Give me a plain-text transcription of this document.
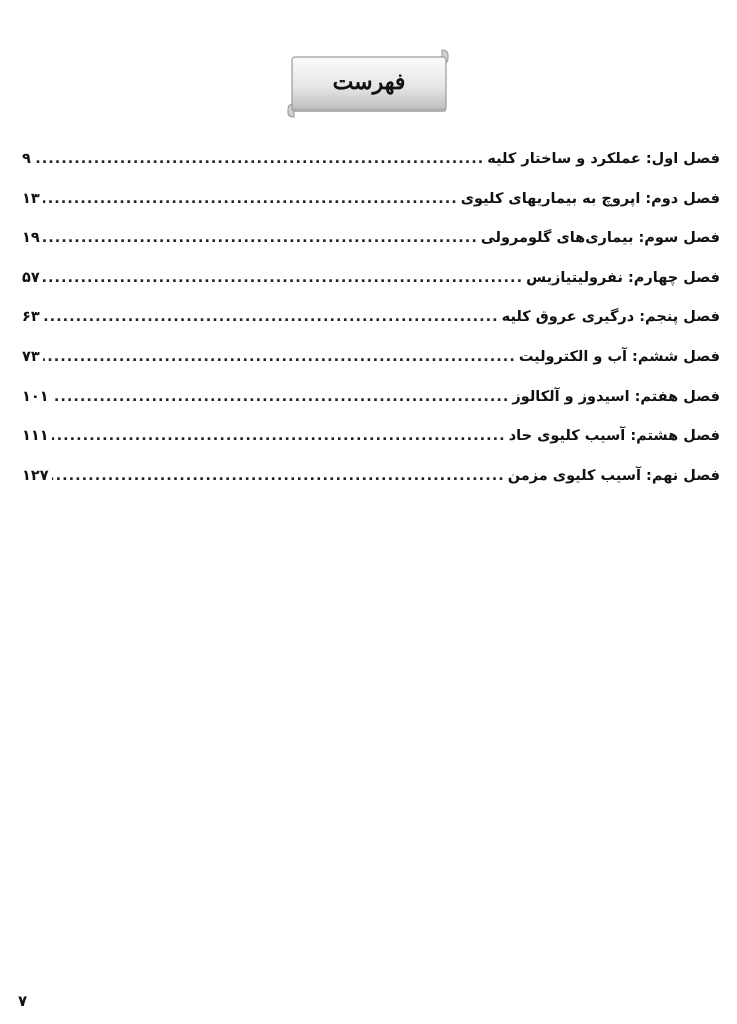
فهرست
فصل اول: عملکرد و ساختار کلیه
.....
۹
فصل دوم: اپروچ به بیماریهای کلیوی
.....
۱۳
فصل سوم: بیماری‌های گلومرولی
.....
۱۹
فصل چهارم: نفرولیتیازیس
.....
۵۷
فصل پنجم: درگیری عروق کلیه
.....
۶۳
فصل ششم: آب و الکترولیت
.....
۷۳
فصل هفتم: اسیدوز و آلکالوز
.....
۱۰۱
فصل هشتم: آسیب کلیوی حاد
.....
۱۱۱
فصل نهم: آسیب کلیوی مزمن
.....
۱۲۷
۷
